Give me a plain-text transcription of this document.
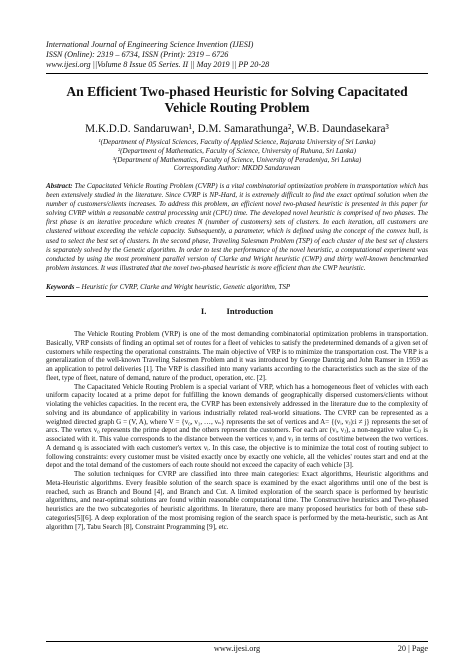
International Journal of Engineering Science Invention (IJESI)
ISSN (Online): 2319 – 6734, ISSN (Print): 2319 – 6726
www.ijesi.org ||Volume 8 Issue 05 Series. II || May 2019 || PP 20-28
An Efficient Two-phased Heuristic for Solving Capacitated
Vehicle Routing Problem
M.K.D.D. Sandaruwan¹, D.M. Samarathunga², W.B. Daundasekara³
¹(Department of Physical Sciences, Faculty of Applied Science, Rajarata University of Sri Lanka)
²(Department of Mathematics, Faculty of Science, University of Ruhuna, Sri Lanka)
³(Department of Mathematics, Faculty of Science, University of Peradeniya, Sri Lanka)
Corresponding Author: MKDD Sandaruwan
Abstract: The Capacitated Vehicle Routing Problem (CVRP) is a vital combinatorial optimization problem in transportation which has been extensively studied in the literature. Since CVRP is NP-Hard, it is extremely difficult to find the exact optimal solution when the number of customers/clients increases. To address this problem, an efficient novel two-phased heuristic is presented in this paper for solving CVRP within a reasonable central processing unit (CPU) time. The developed novel heuristic is comprised of two phases. The first phase is an iterative procedure which creates N (number of customers) sets of clusters. In each iteration, all customers are clustered without exceeding the vehicle capacity. Subsequently, a parameter, which is defined using the concept of the convex hull, is used to select the best set of clusters. In the second phase, Traveling Salesman Problem (TSP) of each cluster of the best set of clusters is separately solved by the Genetic algorithm. In order to test the performance of the novel heuristic, a computational experiment was conducted by using the most prominent parallel version of Clarke and Wright heuristic (CWP) and thirty well-known benchmarked problem instances. It was illustrated that the novel two-phased heuristic is more efficient than the CWP heuristic.
Keywords – Heuristic for CVRP, Clarke and Wright heuristic, Genetic algorithm, TSP
I. Introduction

The Vehicle Routing Problem (VRP) is one of the most demanding combinatorial optimization problems in transportation. Basically, VRP consists of finding an optimal set of routes for a fleet of vehicles to satisfy the predetermined demands of a given set of customers while respecting the operational constraints. The main objective of VRP is to minimize the transportation cost. The VRP is a generalization of the well-known Traveling Salesmen Problem and it was introduced by George Dantzig and John Ramser in 1959 as an application to petrol deliveries [1]. The VRP is classified into many variants according to the characteristics such as the size of the fleet, type of fleet, nature of demand, nature of the product, operation, etc. [2].

The Capacitated Vehicle Routing Problem is a special variant of VRP, which has a homogeneous fleet of vehicles with each uniform capacity located at a prime depot for fulfilling the known demands of geographically dispersed customers/clients without violating the vehicles capacities. In the recent era, the CVRP has been extensively addressed in the literature due to the complexity of solving and its abundance of applicability in various industrially related real-world situations. The CVRP can be represented as a weighted directed graph G = (V, A), where V = {v₀, v₁, …, vₙ} represents the set of vertices and A= {(vᵢ, vⱼ):i ≠ j} represents the set of arcs. The vertex v₀ represents the prime depot and the others represent the customers. For each arc (vᵢ, vⱼ), a non-negative value Cᵢⱼ is associated with it. This value corresponds to the distance between the vertices vᵢ and vⱼ in terms of cost/time between the two vertices. A demand qᵢ is associated with each customer's vertex vᵢ. In this case, the objective is to minimize the total cost of routing subject to following constraints: every customer must be visited exactly once by exactly one vehicle, all the vehicles' routes start and end at the depot and the total demand of the customers of each route should not exceed the capacity of each vehicle [3].

The solution techniques for CVRP are classified into three main categories: Exact algorithms, Heuristic algorithms and Meta-Heuristic algorithms. Every feasible solution of the search space is examined by the exact algorithms until one of the best is reached, such as Branch and Bound [4], and Branch and Cut. A limited exploration of the search space is performed by heuristic algorithms, and near-optimal solutions are found within reasonable computational time. The Constructive heuristics and Two-phased heuristics are the two subcategories of heuristic algorithms. In literature, there are many proposed heuristics for both of these sub-categories[5][6]. A deep exploration of the most promising region of the search space is performed by the meta-heuristic, such as Ant algorithm [7], Tabu Search [8], Constraint Programming [9], etc.

www.ijesi.org	20 | Page
